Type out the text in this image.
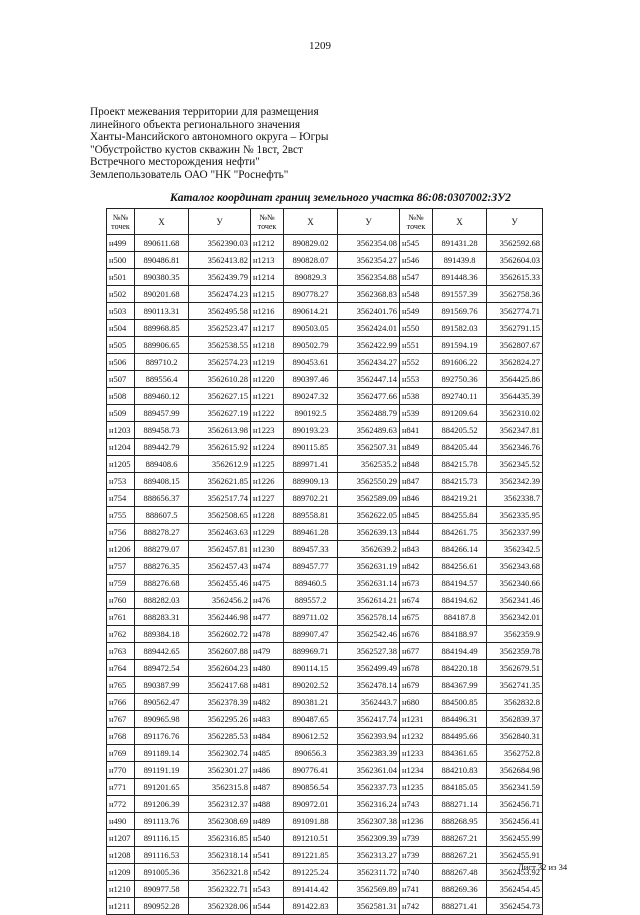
1209
Проект межевания территории для размещения
линейного объекта регионального значения
Ханты-Мансийского автономного округа – Югры
"Обустройство кустов скважин № 1вст, 2вст
Встречного месторождения нефти"
Землепользователь ОАО "НК "Роснефть"
Каталог координат границ земельного участка 86:08:0307002:ЗУ2
№№
точек	X	У	№№
точек	X	У	№№
точек	X	У
н499	890611.68	3562390.03	н1212	890829.02	3562354.08	н545	891431.28	3562592.68
н500	890486.81	3562413.82	н1213	890828.07	3562354.27	н546	891439.8	3562604.03
н501	890380.35	3562439.79	н1214	890829.3	3562354.88	н547	891448.36	3562615.33
н502	890201.68	3562474.23	н1215	890778.27	3562368.83	н548	891557.39	3562758.36
н503	890113.31	3562495.58	н1216	890614.21	3562401.76	н549	891569.76	3562774.71
н504	889968.85	3562523.47	н1217	890503.05	3562424.01	н550	891582.03	3562791.15
н505	889906.65	3562538.55	н1218	890502.79	3562422.99	н551	891594.19	3562807.67
н506	889710.2	3562574.23	н1219	890453.61	3562434.27	н552	891606.22	3562824.27
н507	889556.4	3562610.28	н1220	890397.46	3562447.14	н553	892750.36	3564425.86
н508	889460.12	3562627.15	н1221	890247.32	3562477.66	н538	892740.11	3564435.39
н509	889457.99	3562627.19	н1222	890192.5	3562488.79	н539	891209.64	3562310.02
н1203	889458.73	3562613.98	н1223	890193.23	3562489.63	н841	884205.52	3562347.81
н1204	889442.79	3562615.92	н1224	890115.85	3562507.31	н849	884205.44	3562346.76
н1205	889408.6	3562612.9	н1225	889971.41	3562535.2	н848	884215.78	3562345.52
н753	889408.15	3562621.85	н1226	889909.13	3562550.29	н847	884215.73	3562342.39
н754	888656.37	3562517.74	н1227	889702.21	3562589.09	н846	884219.21	3562338.7
н755	888607.5	3562508.65	н1228	889558.81	3562622.05	н845	884255.84	3562335.95
н756	888278.27	3562463.63	н1229	889461.28	3562639.13	н844	884261.75	3562337.99
н1206	888279.07	3562457.81	н1230	889457.33	3562639.2	н843	884266.14	3562342.5
н757	888276.35	3562457.43	н474	889457.77	3562631.19	н842	884256.61	3562343.68
н759	888276.68	3562455.46	н475	889460.5	3562631.14	н673	884194.57	3562340.66
н760	888282.03	3562456.2	н476	889557.2	3562614.21	н674	884194.62	3562341.46
н761	888283.31	3562446.98	н477	889711.02	3562578.14	н675	884187.8	3562342.01
н762	889384.18	3562602.72	н478	889907.47	3562542.46	н676	884188.97	3562359.9
н763	889442.65	3562607.88	н479	889969.71	3562527.38	н677	884194.49	3562359.78
н764	889472.54	3562604.23	н480	890114.15	3562499.49	н678	884220.18	3562679.51
н765	890387.99	3562417.68	н481	890202.52	3562478.14	н679	884367.99	3562741.35
н766	890562.47	3562378.39	н482	890381.21	3562443.7	н680	884500.85	3562832.8
н767	890965.98	3562295.26	н483	890487.65	3562417.74	н1231	884496.31	3562839.37
н768	891176.76	3562285.53	н484	890612.52	3562393.94	н1232	884495.66	3562840.31
н769	891189.14	3562302.74	н485	890656.3	3562383.39	н1233	884361.65	3562752.8
н770	891191.19	3562301.27	н486	890776.41	3562361.04	н1234	884210.83	3562684.98
н771	891201.65	3562315.8	н487	890856.54	3562337.73	н1235	884185.05	3562341.59
н772	891206.39	3562312.37	н488	890972.01	3562316.24	н743	888271.14	3562456.71
н490	891113.76	3562308.69	н489	891091.88	3562307.38	н1236	888268.95	3562456.41
н1207	891116.15	3562316.85	н540	891210.51	3562309.39	н739	888267.21	3562455.99
н1208	891116.53	3562318.14	н541	891221.85	3562313.27	н739	888267.21	3562455.91
н1209	891005.36	3562321.8	н542	891225.24	3562311.72	н740	888267.48	3562453.92
н1210	890977.58	3562322.71	н543	891414.42	3562569.89	н741	888269.36	3562454.45
н1211	890952.28	3562328.06	н544	891422.83	3562581.31	н742	888271.41	3562454.73
Лист 32 из 34
